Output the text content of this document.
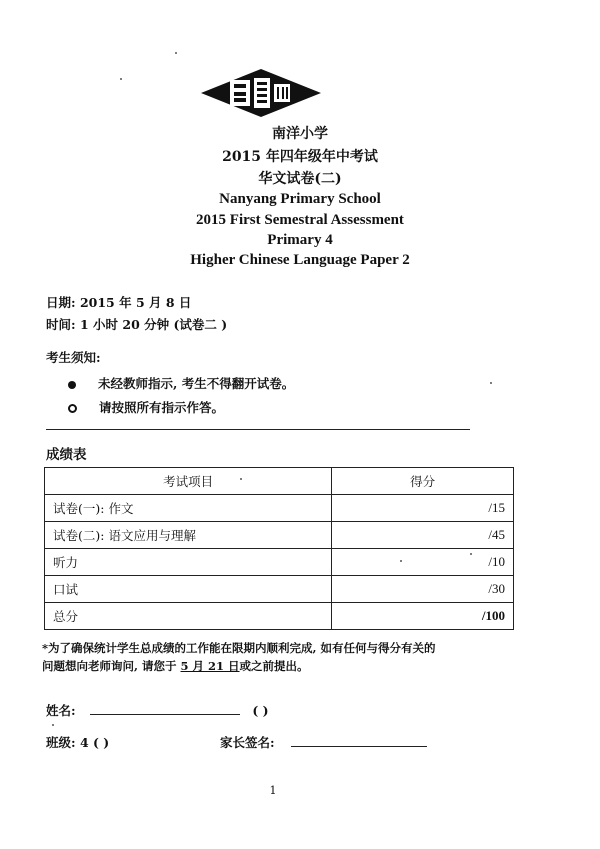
南洋小学
2015 年四年级年中考试
华文试卷(二)
Nanyang Primary School
2015 First Semestral Assessment
Primary 4
Higher Chinese Language Paper 2
日期: 2015 年 5 月 8 日
时间: 1 小时 20 分钟 (试卷二 )
考生须知:
未经教师指示, 考生不得翻开试卷。
请按照所有指示作答。
成绩表
考试项目	得分
试卷(一): 作文	/15
试卷(二): 语文应用与理解	/45
听力	/10
口试	/30
总分	/100
*为了确保统计学生总成绩的工作能在限期内顺利完成, 如有任何与得分有关的
问题想向老师询问, 请您于 5 月 21 日或之前提出。
姓名:	( )
班级: 4 ( )	家长签名:
1
